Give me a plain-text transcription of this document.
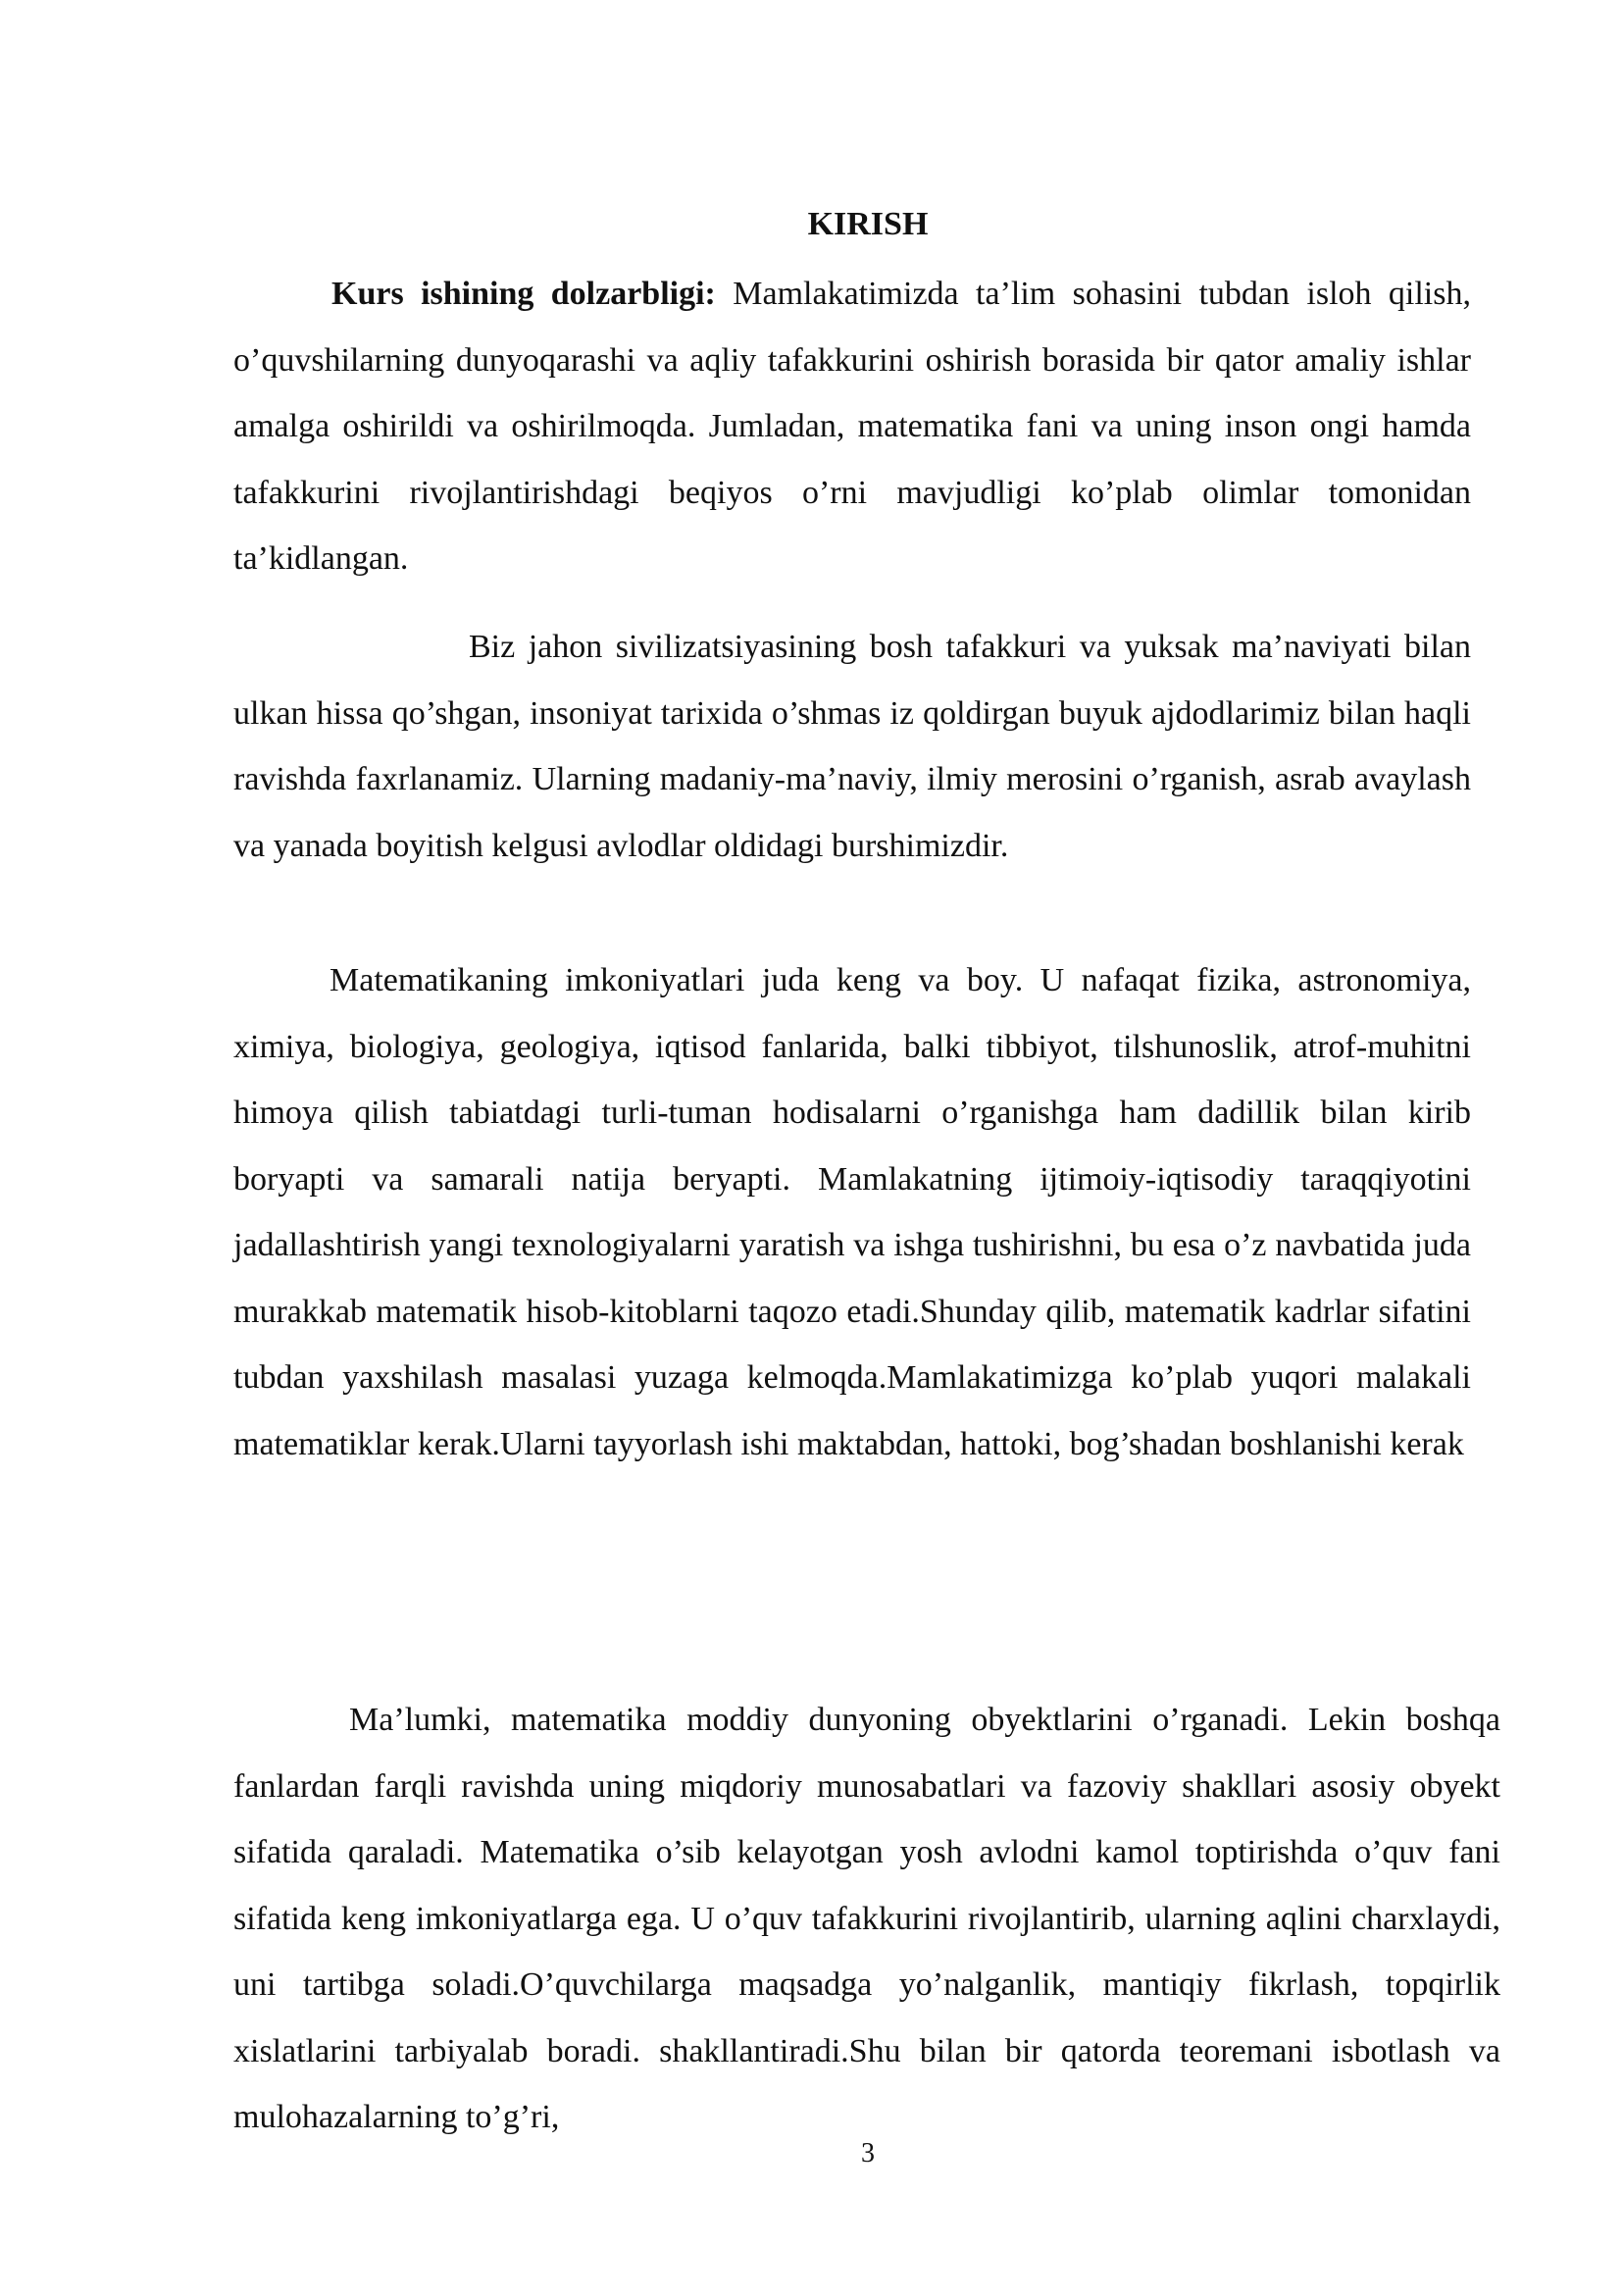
KIRISH

Kurs ishining dolzarbligi: Mamlakatimizda ta’lim sohasini tubdan isloh qilish, o’quvshilarning dunyoqarashi va aqliy tafakkurini oshirish borasida bir qator amaliy ishlar amalga oshirildi va oshirilmoqda. Jumladan, matematika fani va uning inson ongi hamda tafakkurini rivojlantirishdagi beqiyos o’rni mavjudligi ko’plab olimlar tomonidan ta’kidlangan.

Biz jahon sivilizatsiyasining bosh tafakkuri va yuksak ma’naviyati bilan ulkan hissa qo’shgan, insoniyat tarixida o’shmas iz qoldirgan buyuk ajdodlarimiz bilan haqli ravishda faxrlanamiz. Ularning madaniy-ma’naviy, ilmiy merosini o’rganish, asrab avaylash va yanada boyitish kelgusi avlodlar oldidagi burshimizdir.

Matematikaning imkoniyatlari juda keng va boy. U nafaqat fizika, astronomiya, ximiya, biologiya, geologiya, iqtisod fanlarida, balki tibbiyot, tilshunoslik, atrof-muhitni himoya qilish tabiatdagi turli-tuman hodisalarni o’rganishga ham dadillik bilan kirib boryapti va samarali natija beryapti. Mamlakatning ijtimoiy-iqtisodiy taraqqiyotini jadallashtirish yangi texnologiyalarni yaratish va ishga tushirishni, bu esa o’z navbatida juda murakkab matematik hisob-kitoblarni taqozo etadi.Shunday qilib, matematik kadrlar sifatini tubdan yaxshilash masalasi yuzaga kelmoqda.Mamlakatimizga ko’plab yuqori malakali matematiklar kerak.Ularni tayyorlash ishi maktabdan, hattoki, bog’shadan boshlanishi kerak

Ma’lumki, matematika moddiy dunyoning obyektlarini o’rganadi. Lekin boshqa fanlardan farqli ravishda uning miqdoriy munosabatlari va fazoviy shakllari asosiy obyekt sifatida qaraladi. Matematika o’sib kelayotgan yosh avlodni kamol toptirishda o’quv fani sifatida keng imkoniyatlarga ega. U o’quv tafakkurini rivojlantirib, ularning aqlini charxlaydi, uni tartibga soladi.O’quvchilarga maqsadga yo’nalganlik, mantiqiy fikrlash, topqirlik xislatlarini tarbiyalab boradi. shakllantiradi.Shu bilan bir qatorda teoremani isbotlash va mulohazalarning to’g’ri,

3
